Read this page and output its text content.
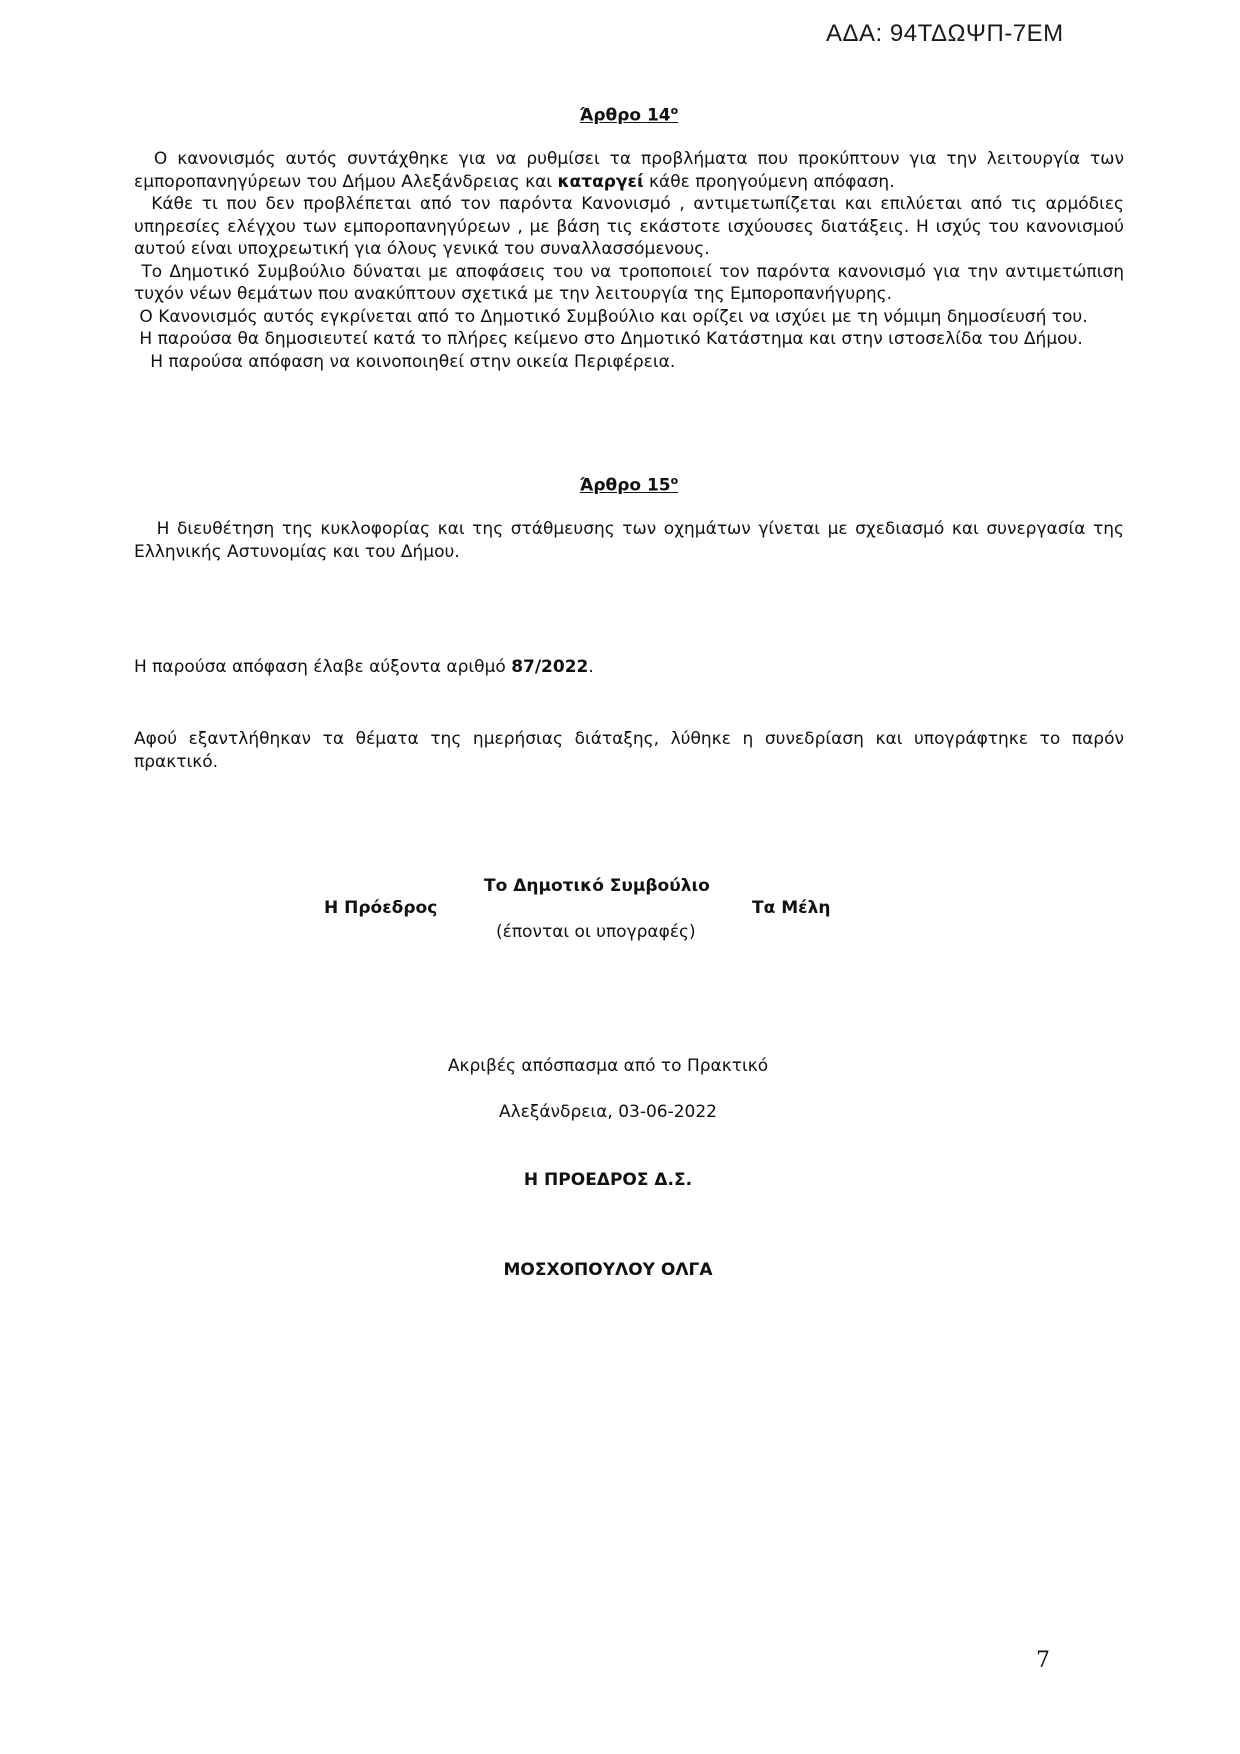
ΑΔΑ: 94ΤΔΩΨΠ-7ΕΜ
Άρθρο $14^o$

Ο κανονισμός αυτός συντάχθηκε για να ρυθμίσει τα προβλήματα που προκύπτουν για την λειτουργία των εμποροπανηγύρεων του Δήμου Αλεξάνδρειας και καταργεί κάθε προηγούμενη απόφαση.

Κάθε τι που δεν προβλέπεται από τον παρόντα Κανονισμό , αντιμετωπίζεται και επιλύεται από τις αρμόδιες υπηρεσίες ελέγχου των εμποροπανηγύρεων , με βάση τις εκάστοτε ισχύουσες διατάξεις. Η ισχύς του κανονισμού αυτού είναι υποχρεωτική για όλους γενικά του συναλλασσόμενους.

Το Δημοτικό Συμβούλιο δύναται με αποφάσεις του να τροποποιεί τον παρόντα κανονισμό για την αντιμετώπιση τυχόν νέων θεμάτων που ανακύπτουν σχετικά με την λειτουργία της Εμποροπανήγυρης.

Ο Κανονισμός αυτός εγκρίνεται από το Δημοτικό Συμβούλιο και ορίζει να ισχύει με τη νόμιμη δημοσίευσή του.

Η παρούσα θα δημοσιευτεί κατά το πλήρες κείμενο στο Δημοτικό Κατάστημα και στην ιστοσελίδα του Δήμου.

Η παρούσα απόφαση να κοινοποιηθεί στην οικεία Περιφέρεια.

Άρθρο $15^o$

Η διευθέτηση της κυκλοφορίας και της στάθμευσης των οχημάτων γίνεται με σχεδιασμό και συνεργασία της Ελληνικής Αστυνομίας και του Δήμου.

Η παρούσα απόφαση έλαβε αύξοντα αριθμό 87/2022.

Αφού εξαντλήθηκαν τα θέματα της ημερήσιας διάταξης, λύθηκε η συνεδρίαση και υπογράφτηκε το παρόν πρακτικό.

Το Δημοτικό Συμβούλιο
Η Πρόεδρος	Τα Μέλη
(έπονται οι υπογραφές)
Ακριβές απόσπασμα από το Πρακτικό
Αλεξάνδρεια, 03-06-2022
Η ΠΡΟΕΔΡΟΣ Δ.Σ.
ΜΟΣΧΟΠΟΥΛΟΥ ΟΛΓΑ
7
